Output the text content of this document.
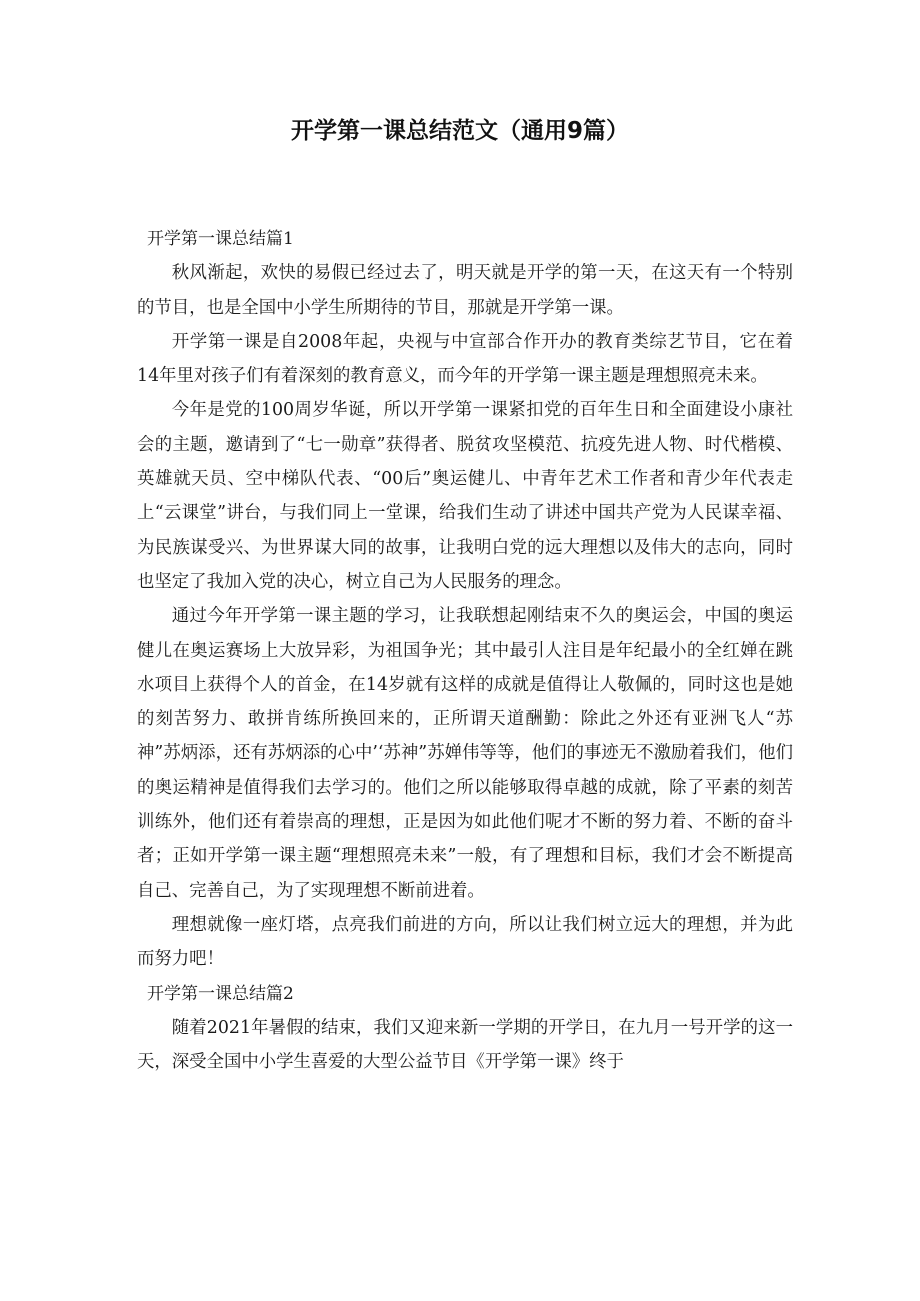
开学第一课总结范文（通用9篇）
开学第一课总结篇1

秋风渐起，欢快的易假已经过去了，明天就是开学的第一天，在这天有一个特别的节目，也是全国中小学生所期待的节目，那就是开学第一课。

开学第一课是自2008年起，央视与中宣部合作开办的教育类综艺节目，它在着14年里对孩子们有着深刻的教育意义，而今年的开学第一课主题是理想照亮未来。

今年是党的100周岁华诞，所以开学第一课紧扣党的百年生日和全面建设小康社会的主题，邀请到了“七一勋章”获得者、脱贫攻坚模范、抗疫先进人物、时代楷模、英雄就天员、空中梯队代表、“00后”奥运健儿、中青年艺术工作者和青少年代表走上“云课堂”讲台，与我们同上一堂课，给我们生动了讲述中国共产党为人民谋幸福、为民族谋受兴、为世界谋大同的故事，让我明白党的远大理想以及伟大的志向，同时也坚定了我加入党的决心，树立自己为人民服务的理念。

通过今年开学第一课主题的学习，让我联想起刚结束不久的奥运会，中国的奥运健儿在奥运赛场上大放异彩，为祖国争光；其中最引人注目是年纪最小的全红婵在跳水项目上获得个人的首金，在14岁就有这样的成就是值得让人敬佩的，同时这也是她的刻苦努力、敢拼肯练所换回来的，正所谓天道酬勤：除此之外还有亚洲飞人“苏神”苏炳添，还有苏炳添的心中’‘苏神”苏婵伟等等，他们的事迹无不激励着我们，他们的奥运精神是值得我们去学习的。他们之所以能够取得卓越的成就，除了平素的刻苦训练外，他们还有着崇高的理想，正是因为如此他们呢才不断的努力着、不断的奋斗者；正如开学第一课主题“理想照亮未来”一般，有了理想和目标，我们才会不断提高自己、完善自己，为了实现理想不断前进着。

理想就像一座灯塔，点亮我们前进的方向，所以让我们树立远大的理想，并为此而努力吧！

开学第一课总结篇2

随着2021年暑假的结束，我们又迎来新一学期的开学日，在九月一号开学的这一天，深受全国中小学生喜爱的大型公益节目《开学第一课》终于
